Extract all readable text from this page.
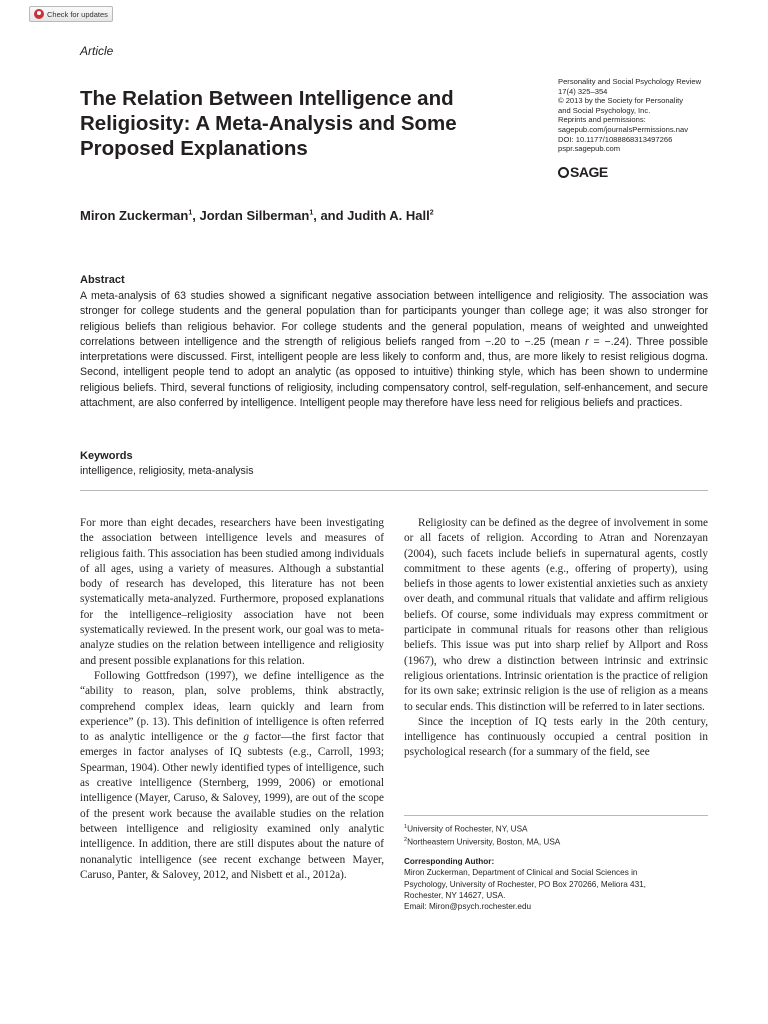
Check for updates
Article
The Relation Between Intelligence and Religiosity: A Meta-Analysis and Some Proposed Explanations
Personality and Social Psychology Review
17(4) 325–354
© 2013 by the Society for Personality
and Social Psychology, Inc.
Reprints and permissions:
sagepub.com/journalsPermissions.nav
DOI: 10.1177/1088868313497266
pspr.sagepub.com
SAGE
Miron Zuckerman$^1$, Jordan Silberman$^1$, and Judith A. Hall$^2$
Abstract

A meta-analysis of 63 studies showed a significant negative association between intelligence and religiosity. The association was stronger for college students and the general population than for participants younger than college age; it was also stronger for religious beliefs than religious behavior. For college students and the general population, means of weighted and unweighted correlations between intelligence and the strength of religious beliefs ranged from −.20 to −.25 (mean r = −.24). Three possible interpretations were discussed. First, intelligent people are less likely to conform and, thus, are more likely to resist religious dogma. Second, intelligent people tend to adopt an analytic (as opposed to intuitive) thinking style, which has been shown to undermine religious beliefs. Third, several functions of religiosity, including compensatory control, self-regulation, self-enhancement, and secure attachment, are also conferred by intelligence. Intelligent people may therefore have less need for religious beliefs and practices.

Keywords
intelligence, religiosity, meta-analysis

For more than eight decades, researchers have been investigating the association between intelligence levels and measures of religious faith. This association has been studied among individuals of all ages, using a variety of measures. Although a substantial body of research has developed, this literature has not been systematically meta-analyzed. Furthermore, proposed explanations for the intelligence–religiosity association have not been systematically reviewed. In the present work, our goal was to meta-analyze studies on the relation between intelligence and religiosity and present possible explanations for this relation.

Following Gottfredson (1997), we define intelligence as the “ability to reason, plan, solve problems, think abstractly, comprehend complex ideas, learn quickly and learn from experience” (p. 13). This definition of intelligence is often referred to as analytic intelligence or the g factor—the first factor that emerges in factor analyses of IQ subtests (e.g., Carroll, 1993; Spearman, 1904). Other newly identified types of intelligence, such as creative intelligence (Sternberg, 1999, 2006) or emotional intelligence (Mayer, Caruso, & Salovey, 1999), are out of the scope of the present work because the available studies on the relation between intelligence and religiosity examined only analytic intelligence. In addition, there are still disputes about the nature of nonanalytic intelligence (see recent exchange between Mayer, Caruso, Panter, & Salovey, 2012, and Nisbett et al., 2012a).

Religiosity can be defined as the degree of involvement in some or all facets of religion. According to Atran and Norenzayan (2004), such facets include beliefs in supernatural agents, costly commitment to these agents (e.g., offering of property), using beliefs in those agents to lower existential anxieties such as anxiety over death, and communal rituals that validate and affirm religious beliefs. Of course, some individuals may express commitment or participate in communal rituals for reasons other than religious beliefs. This issue was put into sharp relief by Allport and Ross (1967), who drew a distinction between intrinsic and extrinsic religious orientations. Intrinsic orientation is the practice of religion for its own sake; extrinsic religion is the use of religion as a means to secular ends. This distinction will be referred to in later sections.

Since the inception of IQ tests early in the 20th century, intelligence has continuously occupied a central position in psychological research (for a summary of the field, see

$^1$University of Rochester, NY, USA
$^2$Northeastern University, Boston, MA, USA
Corresponding Author:
Miron Zuckerman, Department of Clinical and Social Sciences in
Psychology, University of Rochester, PO Box 270266, Meliora 431,
Rochester, NY 14627, USA.
Email: Miron@psych.rochester.edu
